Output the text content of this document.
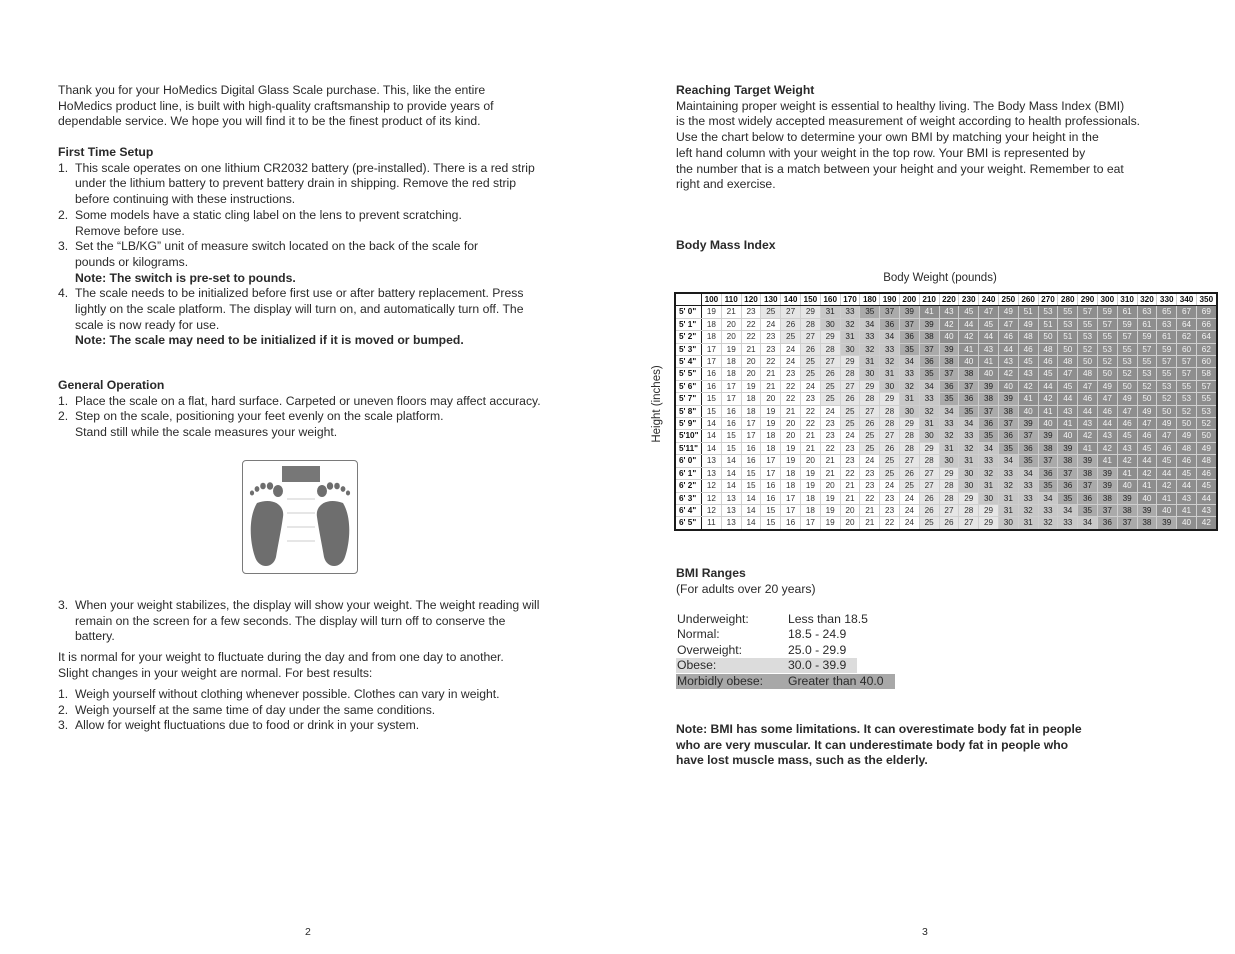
Thank you for your HoMedics Digital Glass Scale purchase. This, like the entire
HoMedics product line, is built with high-quality craftsmanship to provide years of
dependable service. We hope you will find it to be the finest product of its kind.
First Time Setup
1. This scale operates on one lithium CR2032 battery (pre-installed). There is a red strip
under the lithium battery to prevent battery drain in shipping. Remove the red strip
before continuing with these instructions.
2. Some models have a static cling label on the lens to prevent scratching.
Remove before use.
3. Set the “LB/KG” unit of measure switch located on the back of the scale for
pounds or kilograms.
Note: The switch is pre-set to pounds.
4. The scale needs to be initialized before first use or after battery replacement. Press
lightly on the scale platform. The display will turn on, and automatically turn off. The
scale is now ready for use.
Note: The scale may need to be initialized if it is moved or bumped.
General Operation
1. Place the scale on a flat, hard surface. Carpeted or uneven floors may affect accuracy.
2. Step on the scale, positioning your feet evenly on the scale platform.
Stand still while the scale measures your weight.
3. When your weight stabilizes, the display will show your weight. The weight reading will
remain on the screen for a few seconds. The display will turn off to conserve the
battery.
It is normal for your weight to fluctuate during the day and from one day to another.
Slight changes in your weight are normal. For best results:
1. Weigh yourself without clothing whenever possible. Clothes can vary in weight.
2. Weigh yourself at the same time of day under the same conditions.
3. Allow for weight fluctuations due to food or drink in your system.
2
Reaching Target Weight
Maintaining proper weight is essential to healthy living. The Body Mass Index (BMI)
is the most widely accepted measurement of weight according to health professionals.
Use the chart below to determine your own BMI by matching your height in the
left hand column with your weight in the top row. Your BMI is represented by
the number that is a match between your height and your weight. Remember to eat
right and exercise.
Body Mass Index
Body Weight (pounds)
Height (inches)
	100	110	120	130	140	150	160	170	180	190	200	210	220	230	240	250	260	270	280	290	300	310	320	330	340	350
5' 0"	19	21	23	25	27	29	31	33	35	37	39	41	43	45	47	49	51	53	55	57	59	61	63	65	67	69
5' 1"	18	20	22	24	26	28	30	32	34	36	37	39	42	44	45	47	49	51	53	55	57	59	61	63	64	66
5' 2"	18	20	22	23	25	27	29	31	33	34	36	38	40	42	44	46	48	50	51	53	55	57	59	61	62	64
5' 3"	17	19	21	23	24	26	28	30	32	33	35	37	39	41	43	44	46	48	50	52	53	55	57	59	60	62
5' 4"	17	18	20	22	24	25	27	29	31	32	34	36	38	40	41	43	45	46	48	50	52	53	55	57	57	60
5' 5"	16	18	20	21	23	25	26	28	30	31	33	35	37	38	40	42	43	45	47	48	50	52	53	55	57	58
5' 6"	16	17	19	21	22	24	25	27	29	30	32	34	36	37	39	40	42	44	45	47	49	50	52	53	55	57
5' 7"	15	17	18	20	22	23	25	26	28	29	31	33	35	36	38	39	41	42	44	46	47	49	50	52	53	55
5' 8"	15	16	18	19	21	22	24	25	27	28	30	32	34	35	37	38	40	41	43	44	46	47	49	50	52	53
5' 9"	14	16	17	19	20	22	23	25	26	28	29	31	33	34	36	37	39	40	41	43	44	46	47	49	50	52
5'10"	14	15	17	18	20	21	23	24	25	27	28	30	32	33	35	36	37	39	40	42	43	45	46	47	49	50
5'11"	14	15	16	18	19	21	22	23	25	26	28	29	31	32	34	35	36	38	39	41	42	43	45	46	48	49
6' 0"	13	14	16	17	19	20	21	23	24	25	27	28	30	31	33	34	35	37	38	39	41	42	44	45	46	48
6' 1"	13	14	15	17	18	19	21	22	23	25	26	27	29	30	32	33	34	36	37	38	39	41	42	44	45	46
6' 2"	12	14	15	16	18	19	20	21	23	24	25	27	28	30	31	32	33	35	36	37	39	40	41	42	44	45
6' 3"	12	13	14	16	17	18	19	21	22	23	24	26	28	29	30	31	33	34	35	36	38	39	40	41	43	44
6' 4"	12	13	14	15	17	18	19	20	21	23	24	26	27	28	29	31	32	33	34	35	37	38	39	40	41	43
6' 5"	11	13	14	15	16	17	19	20	21	22	24	25	26	27	29	30	31	32	33	34	36	37	38	39	40	42
BMI Ranges
(For adults over 20 years)
Underweight:	Less than 18.5
Normal:	18.5 - 24.9
Overweight:	25.0 - 29.9
Obese:	30.0 - 39.9
Morbidly obese: Greater than 40.0
Note: BMI has some limitations. It can overestimate body fat in people
who are very muscular. It can underestimate body fat in people who
have lost muscle mass, such as the elderly.
3
